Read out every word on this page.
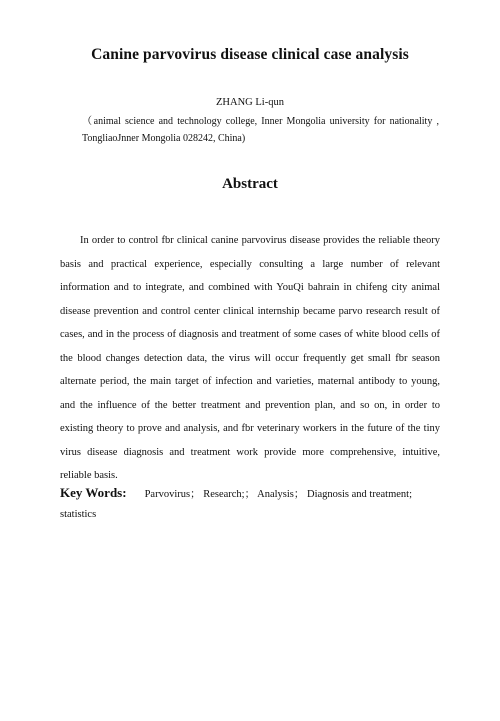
Canine parvovirus disease clinical case analysis
ZHANG Li-qun
（animal science and technology college, Inner Mongolia university for nationality , TongliaoJnner Mongolia 028242, China)
Abstract

In order to control fbr clinical canine parvovirus disease provides the reliable theory basis and practical experience, especially consulting a large number of relevant information and to integrate, and combined with YouQi bahrain in chifeng city animal disease prevention and control center clinical internship became parvo research result of cases, and in the process of diagnosis and treatment of some cases of white blood cells of the blood changes detection data, the virus will occur frequently get small fbr season alternate period, the main target of infection and varieties, maternal antibody to young, and the influence of the better treatment and prevention plan, and so on, in order to existing theory to prove and analysis, and fbr veterinary workers in the future of the tiny virus disease diagnosis and treatment work provide more comprehensive, intuitive, reliable basis.

Key Words: Parvovirus； Research;； Analysis； Diagnosis and treatment; statistics
